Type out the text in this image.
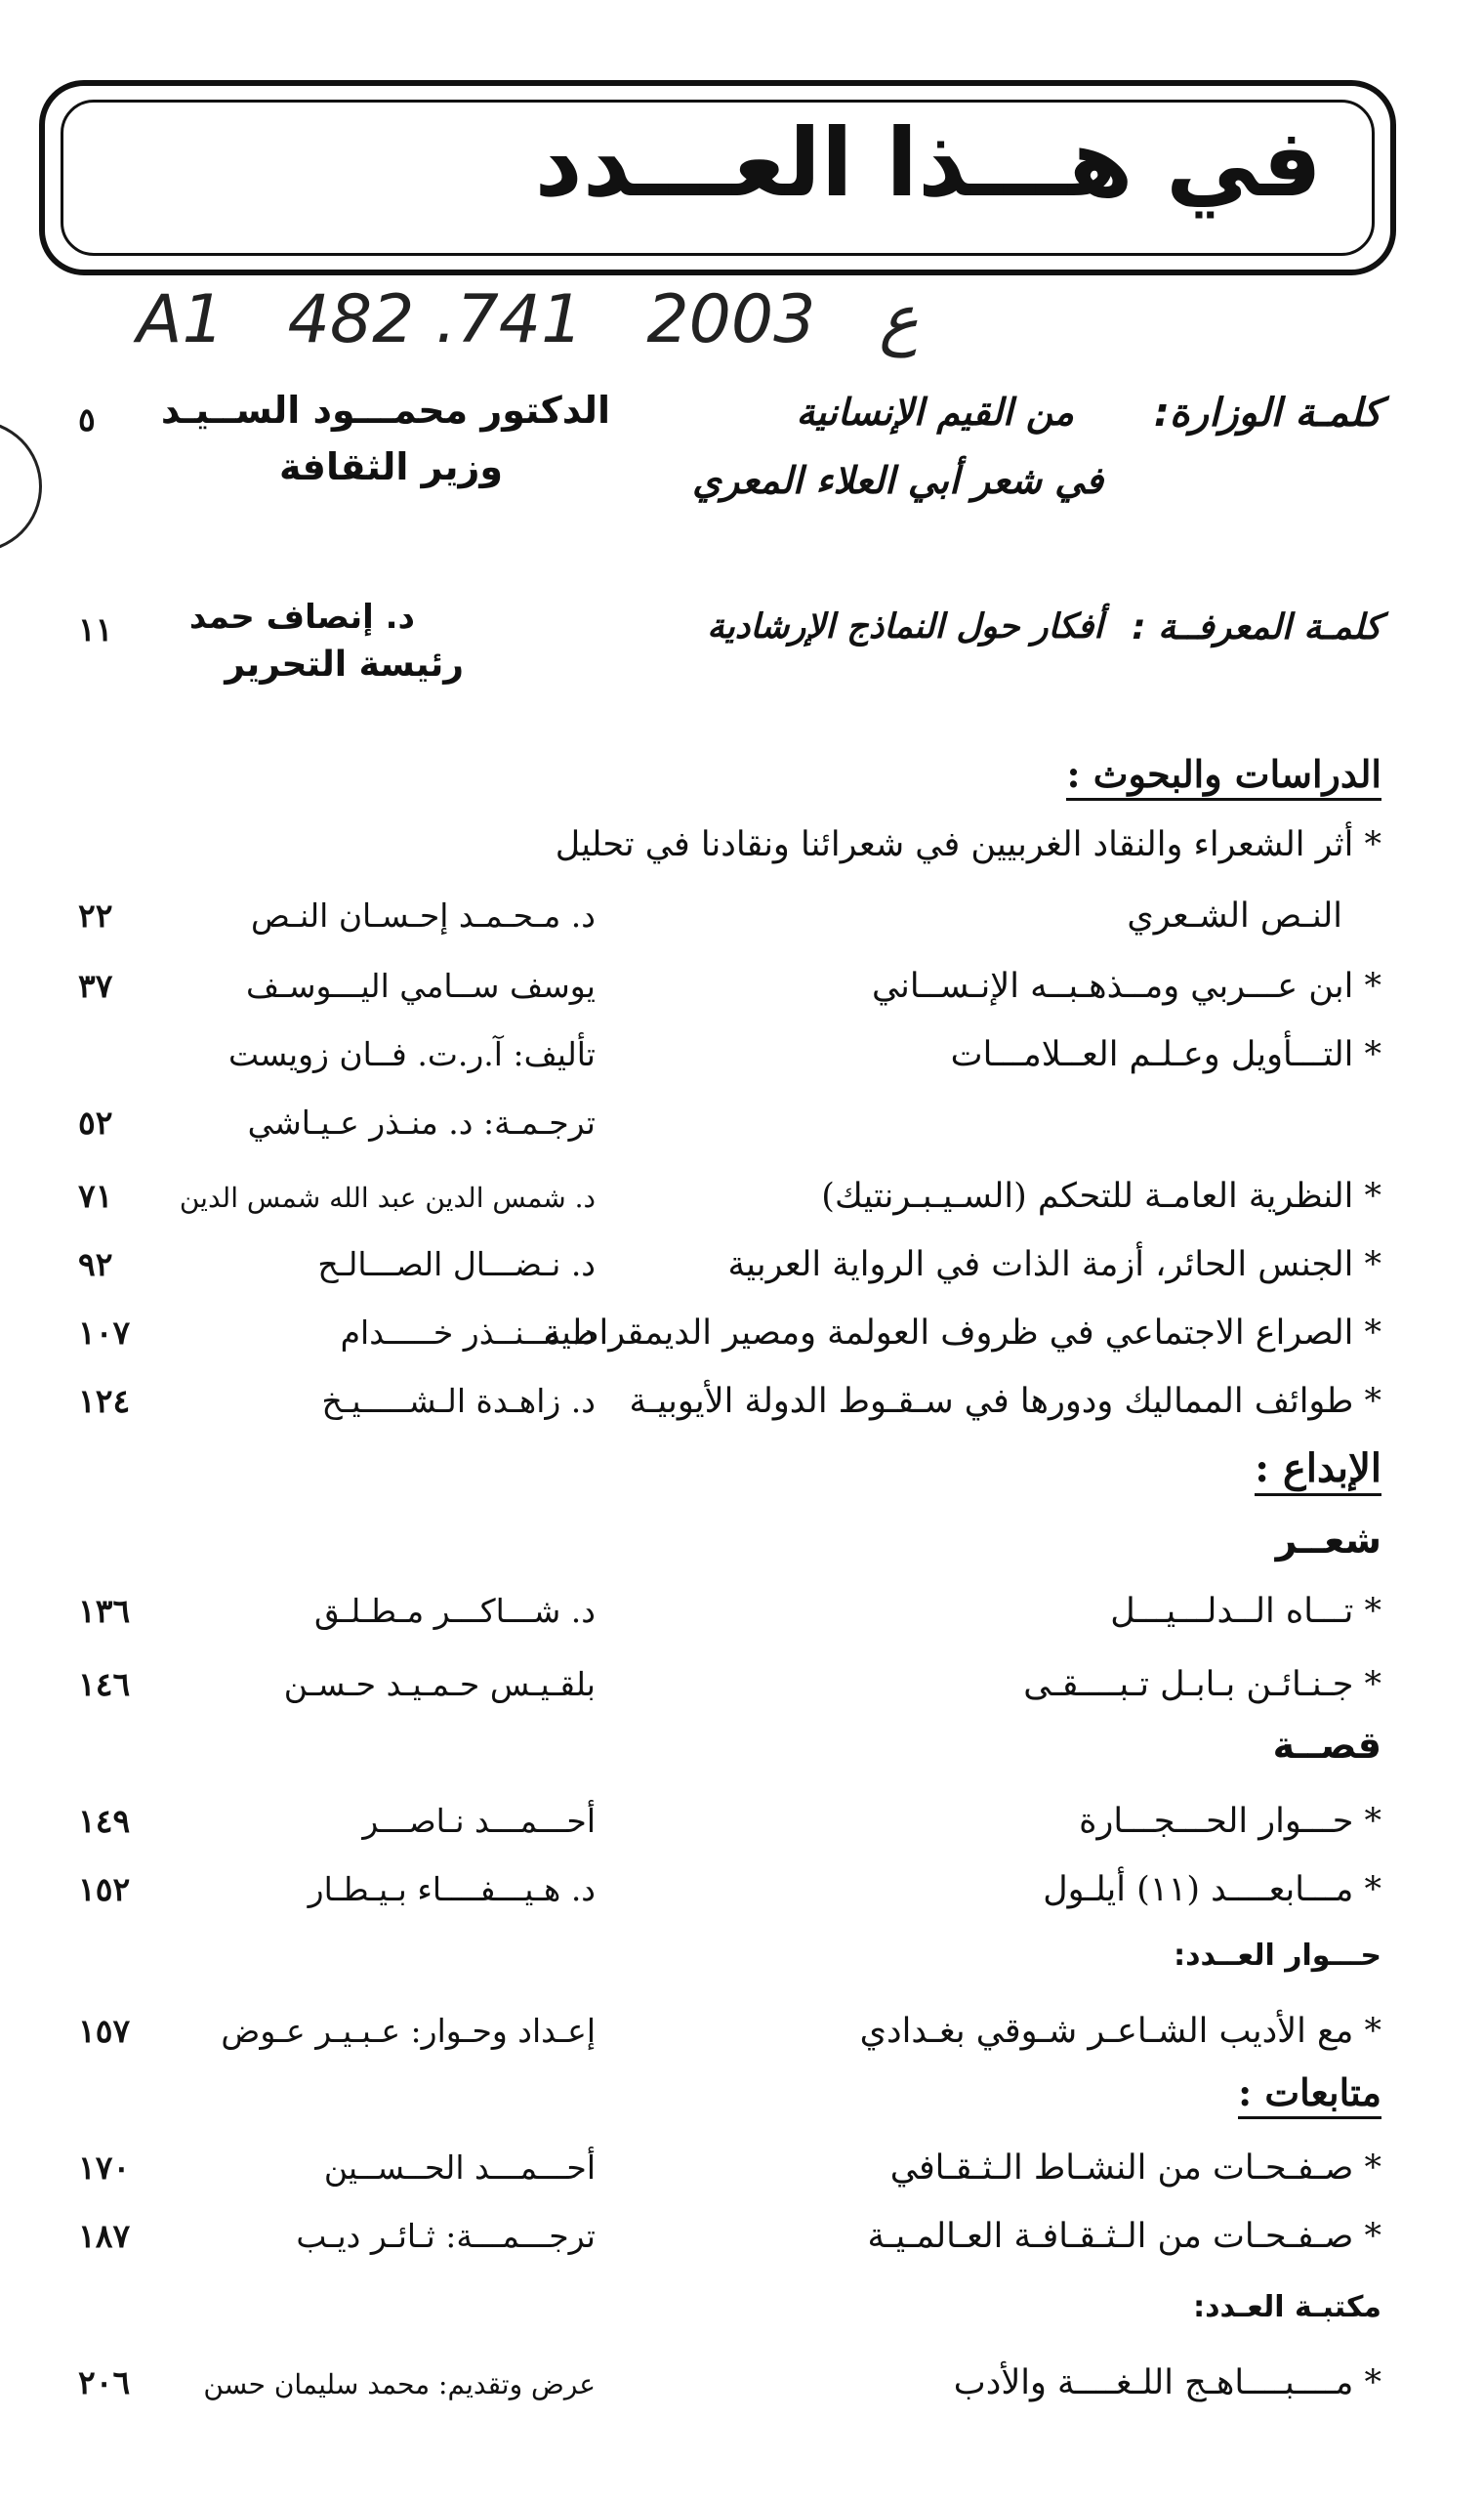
في هـــذا العـــدد
A1   482 .ع   2003   741
كلمـة الوزارة:
من القيم الإنسانية
في شعر أبي العلاء المعري
الدكتور محمـــود الســيـد
وزير الثقافة
٥
كلمـة المعرفــة :
أفكار حول النماذج الإرشادية
د. إنصاف حمد
رئيسة التحرير
١١
الدراسات والبحوث :
* أثر الشعراء والنقاد الغربيين في شعرائنا ونقادنا في تحليل
النـص الشـعري
د. مـحـمـد إحـسـان النـص
٢٢
* ابن عـــربي ومــذهـبــه الإنـســاني
يوسف ســامي اليـــوسـف
٣٧
* التـــأويل وعـلـم العــلامـــات
تأليف: آ.ر.ت. فــان زويست
ترجـمـة: د. منـذر عـيـاشي
٥٢
* النظرية العامـة للتحكم (السـيـبـرنتيك)
د. شمس الدين عبد الله شمس الدين
٧١
* الجنس الحائر، أزمة الذات في الرواية العربية
د. نـضـــال الصـــالـح
٩٢
* الصراع الاجتماعي في ظروف العولمة ومصير الديمقراطية
د. مــنــذر خـــــدام
١٠٧
* طوائف المماليك ودورها في سـقـوط الدولة الأيوبيـة
د. زاهـدة الـشـــــيـخ
١٢٤
الإبداع :
شعــر
* تـــاه الــدلـــيـــل
د. شـــاكـــر مـطـلـق
١٣٦
* جـنـائـن بـابـل تـبــــقـى
بلقـيـس حـمـيـد حـسـن
١٤٦
قصــة
* حـــوار الحـــجـــارة
أحـــمـــد نـاصـــر
١٤٩
* مـــابعــــد (١١) أيلـول
د. هـيـــفــــاء بـيـطـار
١٥٢
حـــوار العــدد:
* مع الأديب الشـاعـر شـوقي بغـدادي
إعـداد وحـوار: عـبـيـر عـوض
١٥٧
متابعات :
* صـفـحـات من النشـاط الـثـقـافي
أحـــمـــد الحــســين
١٧٠
* صـفـحـات من الـثـقـافـة العـالمـيـة
ترجـــمـــة: ثـائـر ديـب
١٨٧
مكتبـة العـدد:
* مــــبــــاهـج اللـغــــة والأدب
عرض وتقديم: محمد سليمان حسن
٢٠٦
